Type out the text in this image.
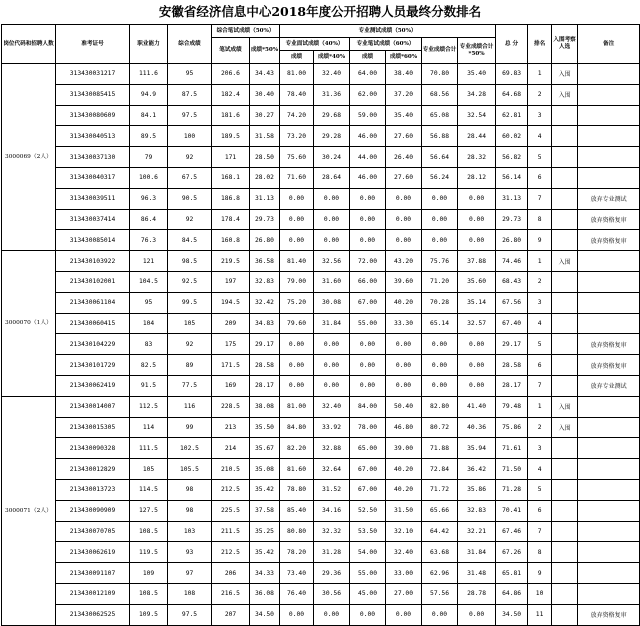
安徽省经济信息中心2018年度公开招聘人员最终分数排名
岗位代码和招聘人数	准考证号	职业能力	综合成绩	综合笔试成绩（50%）		专业测试成绩（50%）						总 分	排名	入围考察人选	备注
				笔试成绩	成绩*50%	专业面试成绩（40%）		专业笔试成绩（60%）		专业成绩合计	专业成绩合计*50%				
						成绩	成绩*40%	成绩	成绩*60%						
3000069（2人）	313430031217	111.6	95	206.6	34.43	81.00	32.40	64.00	38.40	70.80	35.40	69.83	1	入围	
	313430085415	94.9	87.5	182.4	30.40	78.40	31.36	62.00	37.20	68.56	34.28	64.68	2	入围	
	313430080609	84.1	97.5	181.6	30.27	74.20	29.68	59.00	35.40	65.08	32.54	62.81	3		
	313430040513	89.5	100	189.5	31.58	73.20	29.28	46.00	27.60	56.88	28.44	60.02	4		
	313430037130	79	92	171	28.50	75.60	30.24	44.00	26.40	56.64	28.32	56.82	5		
	313430040317	100.6	67.5	168.1	28.02	71.60	28.64	46.00	27.60	56.24	28.12	56.14	6		
	313430039511	96.3	90.5	186.8	31.13	0.00	0.00	0.00	0.00	0.00	0.00	31.13	7		放弃专业测试
	313430037414	86.4	92	178.4	29.73	0.00	0.00	0.00	0.00	0.00	0.00	29.73	8		放弃资格复审
	313430085014	76.3	84.5	160.8	26.80	0.00	0.00	0.00	0.00	0.00	0.00	26.80	9		放弃资格复审
3000070（1人）	213430103922	121	98.5	219.5	36.58	81.40	32.56	72.00	43.20	75.76	37.88	74.46	1	入围	
	213430102001	104.5	92.5	197	32.83	79.00	31.60	66.00	39.60	71.20	35.60	68.43	2		
	213430061104	95	99.5	194.5	32.42	75.20	30.08	67.00	40.20	70.28	35.14	67.56	3		
	213430060415	104	105	209	34.83	79.60	31.84	55.00	33.30	65.14	32.57	67.40	4		
	213430104229	83	92	175	29.17	0.00	0.00	0.00	0.00	0.00	0.00	29.17	5		放弃资格复审
	213430101729	82.5	89	171.5	28.58	0.00	0.00	0.00	0.00	0.00	0.00	28.58	6		放弃资格复审
	213430062419	91.5	77.5	169	28.17	0.00	0.00	0.00	0.00	0.00	0.00	28.17	7		放弃专业测试
3000071（2人）	213430014007	112.5	116	228.5	38.08	81.00	32.40	84.00	50.40	82.80	41.40	79.48	1	入围	
	213430015305	114	99	213	35.50	84.80	33.92	78.00	46.80	80.72	40.36	75.86	2	入围	
	213430090328	111.5	102.5	214	35.67	82.20	32.88	65.00	39.00	71.88	35.94	71.61	3		
	213430012829	105	105.5	210.5	35.08	81.60	32.64	67.00	40.20	72.84	36.42	71.50	4		
	213430013723	114.5	98	212.5	35.42	78.80	31.52	67.00	40.20	71.72	35.86	71.28	5		
	213430090909	127.5	98	225.5	37.58	85.40	34.16	52.50	31.50	65.66	32.83	70.41	6		
	213430070705	108.5	103	211.5	35.25	80.80	32.32	53.50	32.10	64.42	32.21	67.46	7		
	213430062619	119.5	93	212.5	35.42	78.20	31.28	54.00	32.40	63.68	31.84	67.26	8		
	213430091107	109	97	206	34.33	73.40	29.36	55.00	33.00	62.96	31.48	65.81	9		
	213430012109	108.5	108	216.5	36.08	76.40	30.56	45.00	27.00	57.56	28.78	64.86	10		
	213430062525	109.5	97.5	207	34.50	0.00	0.00	0.00	0.00	0.00	0.00	34.50	11		放弃资格复审
